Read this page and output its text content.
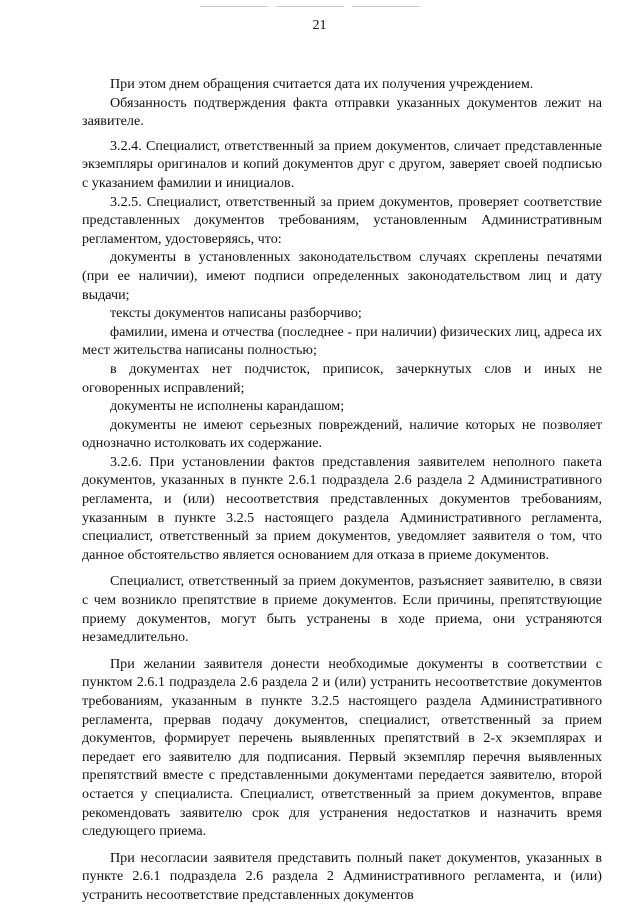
21

При этом днем обращения считается дата их получения учреждением.

Обязанность подтверждения факта отправки указанных документов лежит на заявителе.

3.2.4. Специалист, ответственный за прием документов, сличает представленные экземпляры оригиналов и копий документов друг с другом, заверяет своей подписью с указанием фамилии и инициалов.

3.2.5. Специалист, ответственный за прием документов, проверяет соответствие представленных документов требованиям, установленным Административным регламентом, удостоверяясь, что:

документы в установленных законодательством случаях скреплены печатями (при ее наличии), имеют подписи определенных законодательством лиц и дату выдачи;

тексты документов написаны разборчиво;

фамилии, имена и отчества (последнее - при наличии) физических лиц, адреса их мест жительства написаны полностью;

в документах нет подчисток, приписок, зачеркнутых слов и иных не оговоренных исправлений;

документы не исполнены карандашом;

документы не имеют серьезных повреждений, наличие которых не позволяет однозначно истолковать их содержание.

3.2.6. При установлении фактов представления заявителем неполного пакета документов, указанных в пункте 2.6.1 подраздела 2.6 раздела 2 Административного регламента, и (или) несоответствия представленных документов требованиям, указанным в пункте 3.2.5 настоящего раздела Административного регламента, специалист, ответственный за прием документов, уведомляет заявителя о том, что данное обстоятельство является основанием для отказа в приеме документов.

Специалист, ответственный за прием документов, разъясняет заявителю, в связи с чем возникло препятствие в приеме документов. Если причины, препятствующие приему документов, могут быть устранены в ходе приема, они устраняются незамедлительно.

При желании заявителя донести необходимые документы в соответствии с пунктом 2.6.1 подраздела 2.6 раздела 2 и (или) устранить несоответствие документов требованиям, указанным в пункте 3.2.5 настоящего раздела Административного регламента, прервав подачу документов, специалист, ответственный за прием документов, формирует перечень выявленных препятствий в 2-х экземплярах и передает его заявителю для подписания. Первый экземпляр перечня выявленных препятствий вместе с представленными документами передается заявителю, второй остается у специалиста. Специалист, ответственный за прием документов, вправе рекомендовать заявителю срок для устранения недостатков и назначить время следующего приема.

При несогласии заявителя представить полный пакет документов, указанных в пункте 2.6.1 подраздела 2.6 раздела 2 Административного регламента, и (или) устранить несоответствие представленных документов
